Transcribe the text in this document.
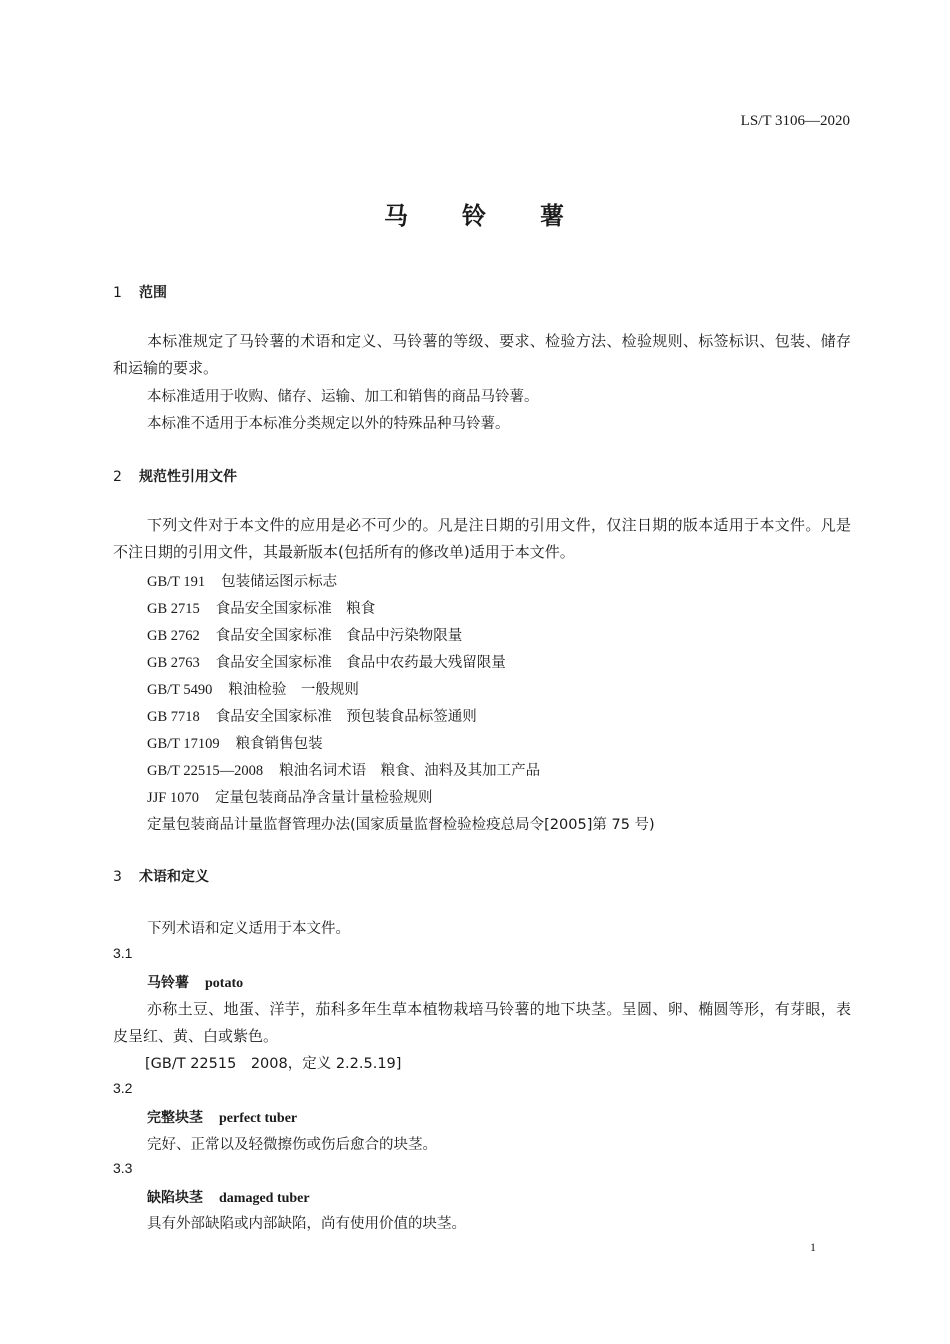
LS/T 3106—2020
马 铃 薯
1 范围
本标准规定了马铃薯的术语和定义、马铃薯的等级、要求、检验方法、检验规则、标签标识、包装、储存和运输的要求。
本标准适用于收购、储存、运输、加工和销售的商品马铃薯。
本标准不适用于本标准分类规定以外的特殊品种马铃薯。
2 规范性引用文件
下列文件对于本文件的应用是必不可少的。凡是注日期的引用文件，仅注日期的版本适用于本文件。凡是不注日期的引用文件，其最新版本(包括所有的修改单)适用于本文件。
GB/T 191 包装储运图示标志
GB 2715 食品安全国家标准　粮食
GB 2762 食品安全国家标准　食品中污染物限量
GB 2763 食品安全国家标准　食品中农药最大残留限量
GB/T 5490 粮油检验　一般规则
GB 7718 食品安全国家标准　预包装食品标签通则
GB/T 17109 粮食销售包装
GB/T 22515—2008 粮油名词术语　粮食、油料及其加工产品
JJF 1070 定量包装商品净含量计量检验规则
定量包装商品计量监督管理办法(国家质量监督检验检疫总局令[2005]第 75 号)
3 术语和定义
下列术语和定义适用于本文件。
3.1
马铃薯 potato
亦称土豆、地蛋、洋芋，茄科多年生草本植物栽培马铃薯的地下块茎。呈圆、卵、椭圆等形，有芽眼，表皮呈红、黄、白或紫色。
[GB/T 22515　2008，定义 2.2.5.19]
3.2
完整块茎 perfect tuber
完好、正常以及轻微擦伤或伤后愈合的块茎。
3.3
缺陷块茎 damaged tuber
具有外部缺陷或内部缺陷，尚有使用价值的块茎。
1
